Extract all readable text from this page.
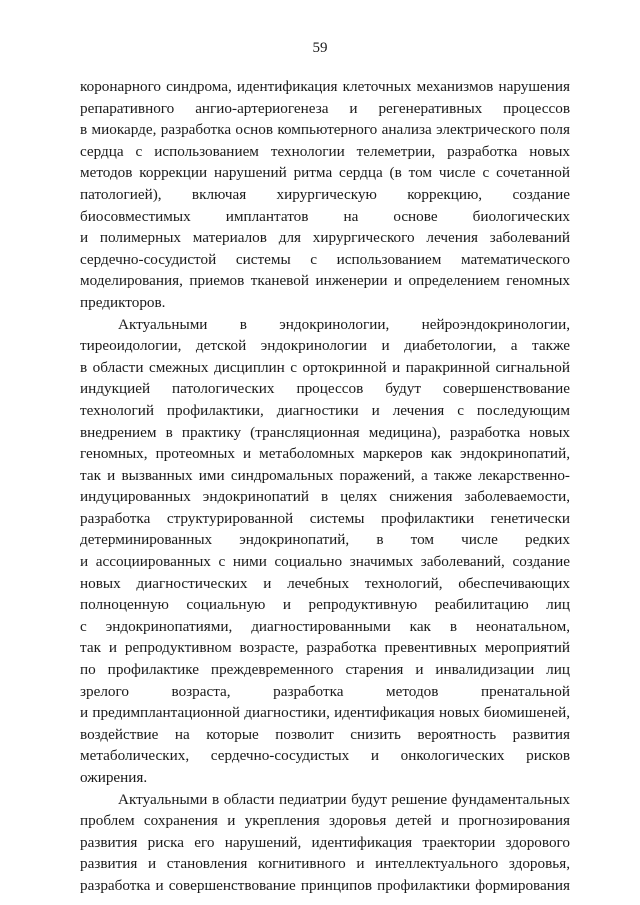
59
коронарного синдрома, идентификация клеточных механизмов нарушения
репаративного ангио-артериогенеза и регенеративных процессов
в миокарде, разработка основ компьютерного анализа электрического поля
сердца с использованием технологии телеметрии, разработка новых
методов коррекции нарушений ритма сердца (в том числе с сочетанной
патологией), включая хирургическую коррекцию, создание
биосовместимых имплантатов на основе биологических
и полимерных материалов для хирургического лечения заболеваний
сердечно-сосудистой системы с использованием математического
моделирования, приемов тканевой инженерии и определением геномных
предикторов.
Актуальными в эндокринологии, нейроэндокринологии,
тиреоидологии, детской эндокринологии и диабетологии, а также
в области смежных дисциплин с ортокринной и паракринной сигнальной
индукцией патологических процессов будут совершенствование
технологий профилактики, диагностики и лечения с последующим
внедрением в практику (трансляционная медицина), разработка новых
геномных, протеомных и метаболомных маркеров как эндокринопатий,
так и вызванных ими синдромальных поражений, а также лекарственно-
индуцированных эндокринопатий в целях снижения заболеваемости,
разработка структурированной системы профилактики генетически
детерминированных эндокринопатий, в том числе редких
и ассоциированных с ними социально значимых заболеваний, создание
новых диагностических и лечебных технологий, обеспечивающих
полноценную социальную и репродуктивную реабилитацию лиц
с эндокринопатиями, диагностированными как в неонатальном,
так и репродуктивном возрасте, разработка превентивных мероприятий
по профилактике преждевременного старения и инвалидизации лиц
зрелого возраста, разработка методов пренатальной
и предимплантационной диагностики, идентификация новых биомишеней,
воздействие на которые позволит снизить вероятность развития
метаболических, сердечно-сосудистых и онкологических рисков
ожирения.
Актуальными в области педиатрии будут решение фундаментальных
проблем сохранения и укрепления здоровья детей и прогнозирования
развития риска его нарушений, идентификация траектории здорового
развития и становления когнитивного и интеллектуального здоровья,
разработка и совершенствование принципов профилактики формирования
